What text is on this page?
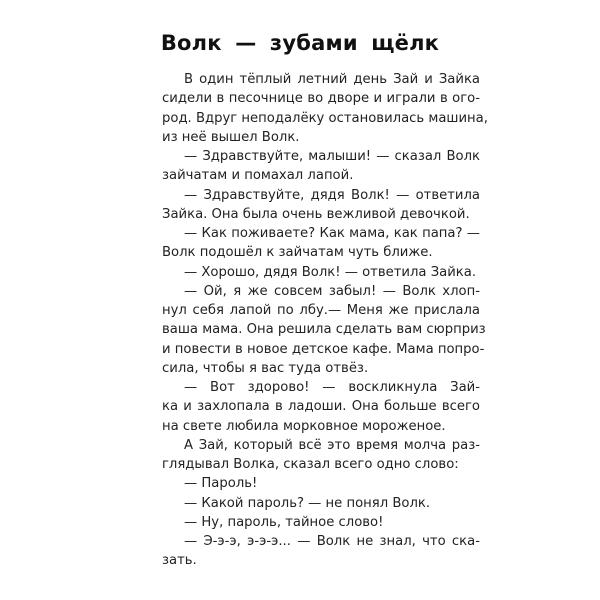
Волк — зубами щёлк
В один тёплый летний день Зай и Зайка
сидели в песочнице во дворе и играли в ого-
род. Вдруг неподалёку остановилась машина,
из неё вышел Волк.
— Здравствуйте, малыши! — сказал Волк
зайчатам и помахал лапой.
— Здравствуйте, дядя Волк! — ответила
Зайка. Она была очень вежливой девочкой.
— Как поживаете? Как мама, как папа? —
Волк подошёл к зайчатам чуть ближе.
— Хорошо, дядя Волк! — ответила Зайка.
— Ой, я же совсем забыл! — Волк хлоп-
нул себя лапой по лбу.— Меня же прислала
ваша мама. Она решила сделать вам сюрприз
и повести в новое детское кафе. Мама попро-
сила, чтобы я вас туда отвёз.
— Вот здорово! — воскликнула Зай-
ка и захлопала в ладоши. Она больше всего
на свете любила морковное мороженое.
А Зай, который всё это время молча раз-
глядывал Волка, сказал всего одно слово:
— Пароль!
— Какой пароль? — не понял Волк.
— Ну, пароль, тайное слово!
— Э-э-э, э-э-э... — Волк не знал, что ска-
зать.
